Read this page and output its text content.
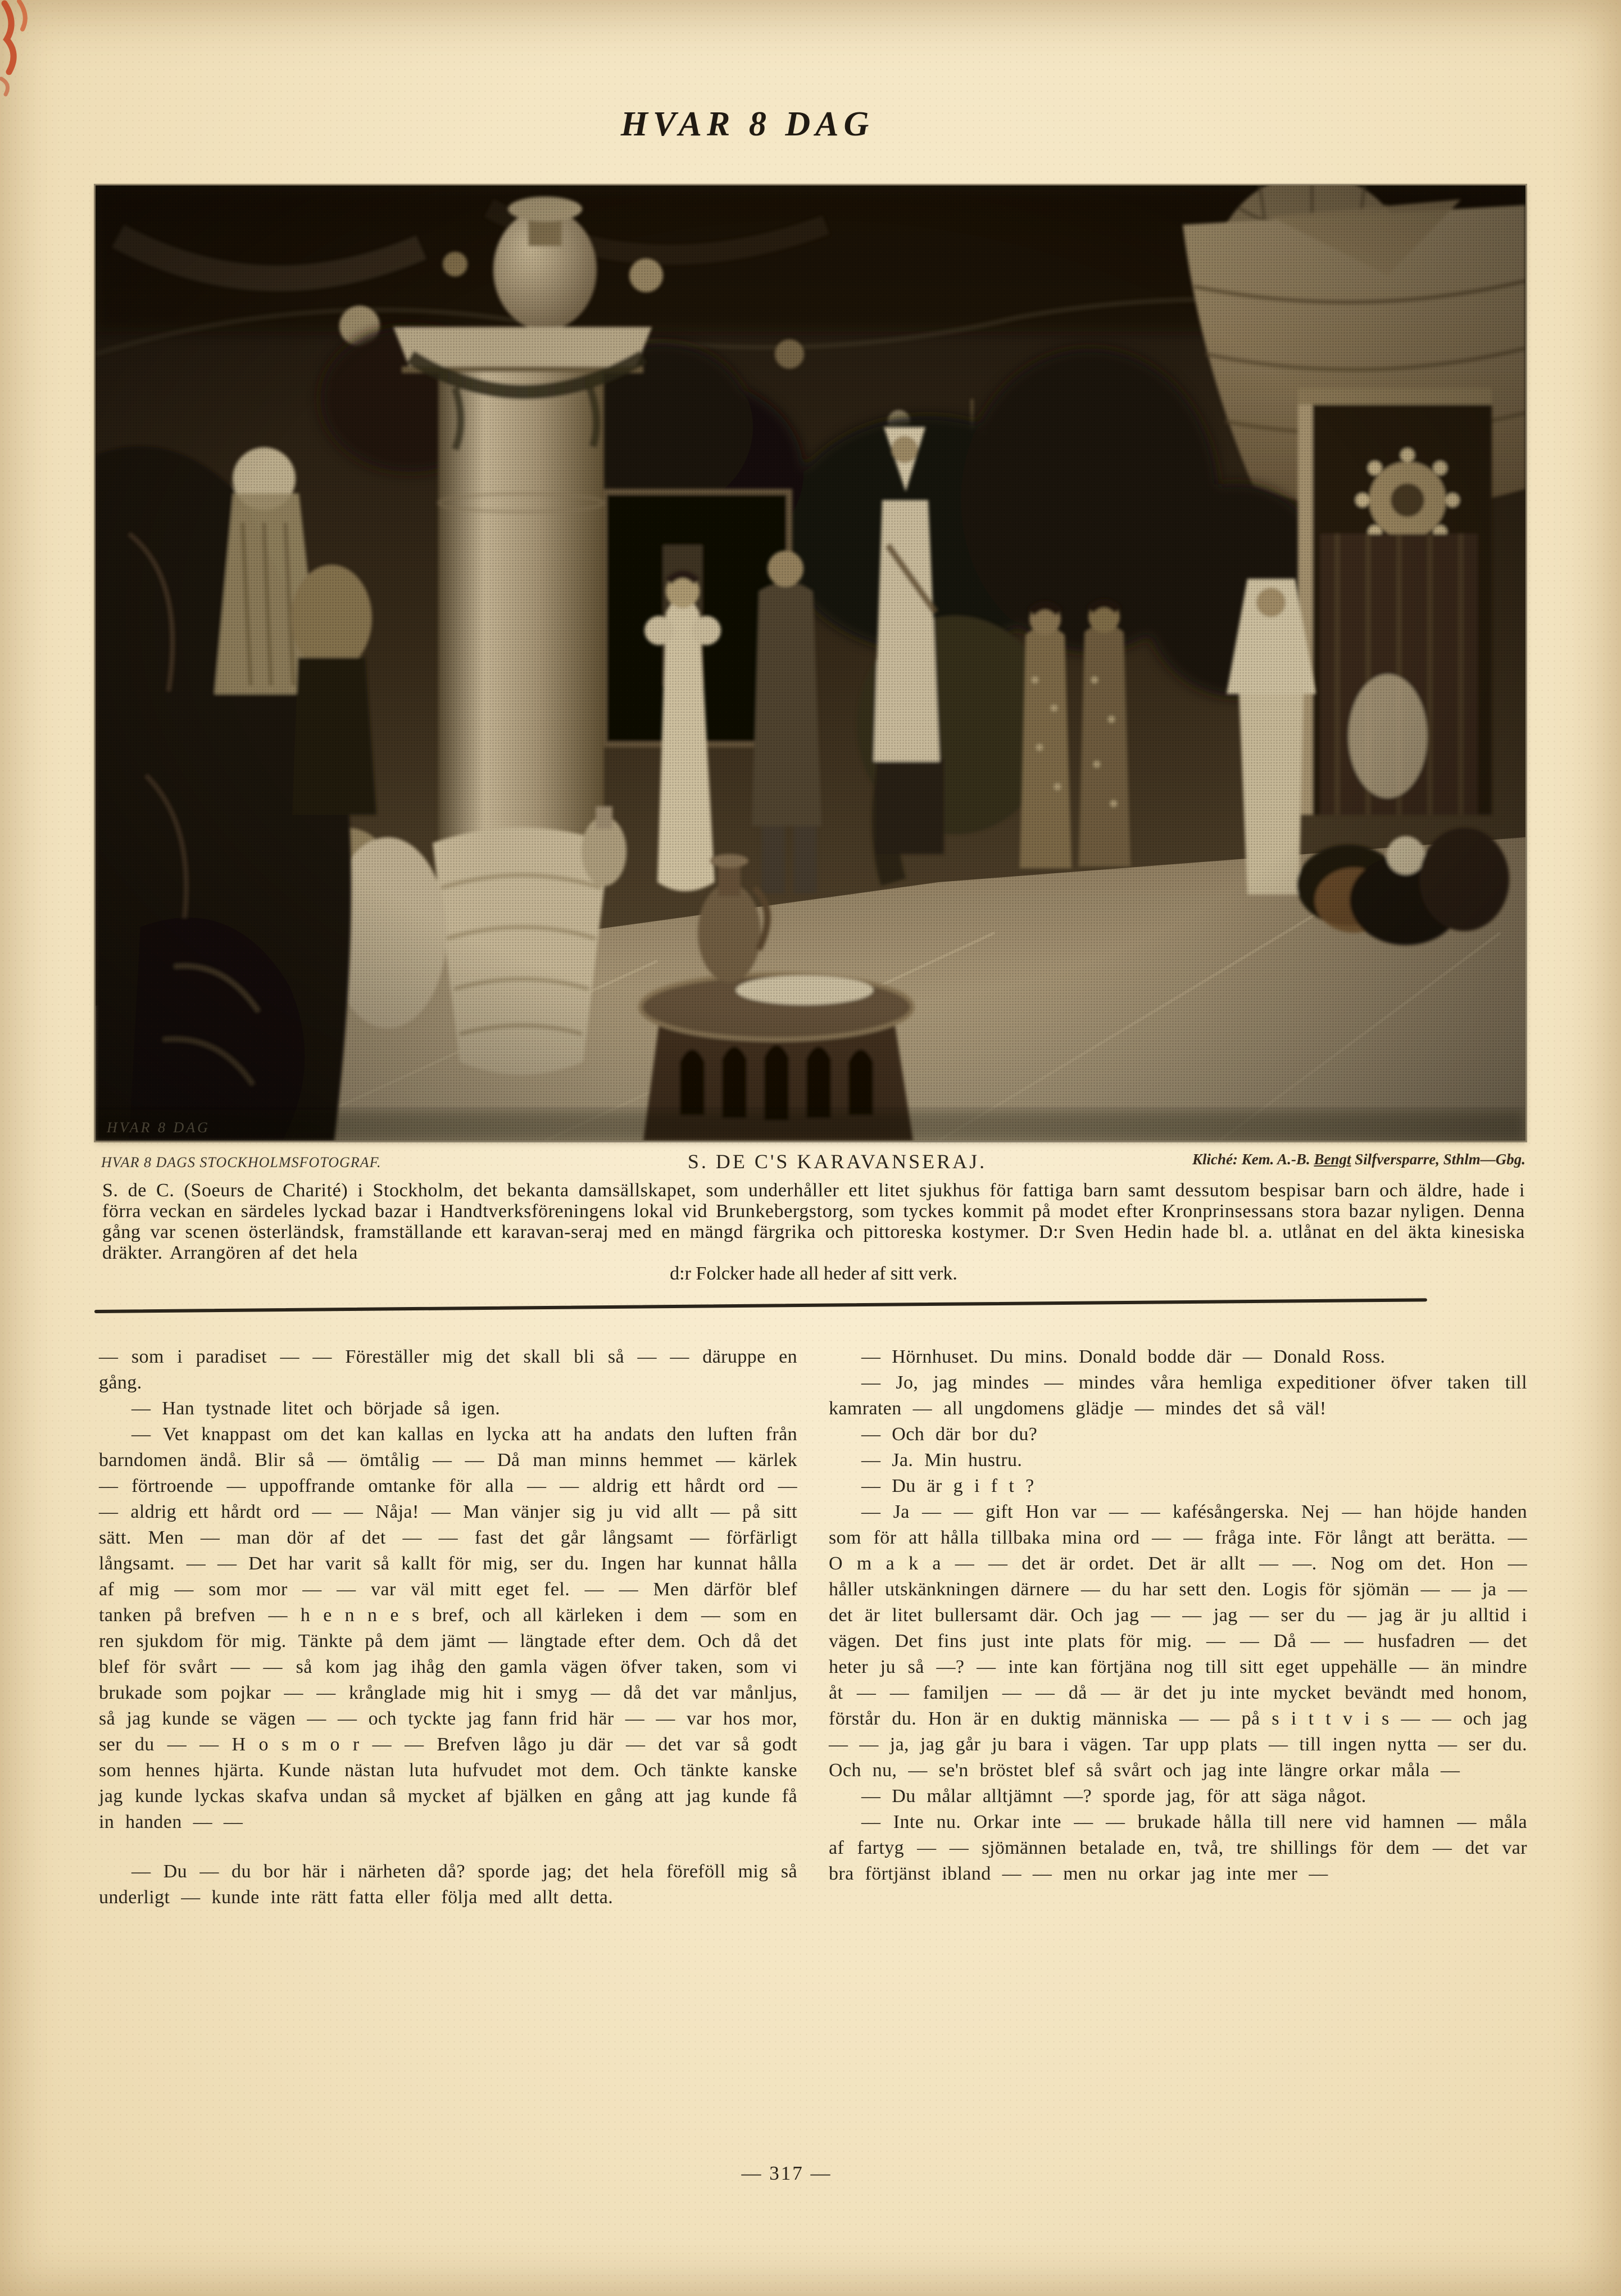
HVAR 8 DAG
HVAR 8 DAG
HVAR 8 DAGS STOCKHOLMSFOTOGRAF.	S. DE C'S KARAVANSERAJ.	Kliché: Kem. A.-B. Bengt Silfversparre, Sthlm—Gbg.

S. de C. (Soeurs de Charité) i Stockholm, det bekanta damsällskapet, som underhåller ett litet sjukhus för fattiga barn samt dessutom bespisar barn och äldre, hade i förra veckan en särdeles lyckad bazar i Handtverksföreningens lokal vid Brunkebergstorg, som tyckes kommit på modet efter Kronprinsessans stora bazar nyligen. Denna gång var scenen österländsk, framställande ett karavan-seraj med en mängd färgrika och pittoreska kostymer. D:r Sven Hedin hade bl. a. utlånat en del äkta kinesiska dräkter. Arrangören af det hela

d:r Folcker hade all heder af sitt verk.

— som i paradiset — — Föreställer mig det skall bli så — — däruppe en gång.

— Han tystnade litet och började så igen.

— Vet knappast om det kan kallas en lycka att ha andats den luften från barndomen ändå. Blir så — ömtålig — — Då man minns hemmet — kärlek — förtroende — uppoffrande omtanke för alla — — aldrig ett hårdt ord — — aldrig ett hårdt ord — — Nåja! — Man vänjer sig ju vid allt — på sitt sätt. Men — man dör af det — — fast det går långsamt — förfärligt långsamt. — — Det har varit så kallt för mig, ser du. Ingen har kunnat hålla af mig — som mor — — var väl mitt eget fel. — — Men därför blef tanken på brefven — h e n n e s bref, och all kärleken i dem — som en ren sjukdom för mig. Tänkte på dem jämt — längtade efter dem. Och då det blef för svårt — — så kom jag ihåg den gamla vägen öfver taken, som vi brukade som pojkar — — krånglade mig hit i smyg — då det var månljus, så jag kunde se vägen — — och tyckte jag fann frid här — — var hos mor, ser du — — H o s m o r — — Brefven lågo ju där — det var så godt som hennes hjärta. Kunde nästan luta hufvudet mot dem. Och tänkte kanske jag kunde lyckas skafva undan så mycket af bjälken en gång att jag kunde få in handen — —

— Du — du bor här i närheten då? sporde jag; det hela föreföll mig så underligt — kunde inte rätt fatta eller följa med allt detta.

— Hörnhuset. Du mins. Donald bodde där — Donald Ross.

— Jo, jag mindes — mindes våra hemliga expeditioner öfver taken till kamraten — all ungdomens glädje — mindes det så väl!

— Och där bor du?

— Ja. Min hustru.

— Du är g i f t ?

— Ja — — gift Hon var — — kafésångerska. Nej — han höjde handen som för att hålla tillbaka mina ord — — fråga inte. För långt att berätta. — O m a k a — — det är ordet. Det är allt — —. Nog om det. Hon — håller utskänkningen därnere — du har sett den. Logis för sjömän — — ja — det är litet bullersamt där. Och jag — — jag — ser du — jag är ju alltid i vägen. Det fins just inte plats för mig. — — Då — — husfadren — det heter ju så —? — inte kan förtjäna nog till sitt eget uppehälle — än mindre åt — — familjen — — då — är det ju inte mycket bevändt med honom, förstår du. Hon är en duktig människa — — på s i t t v i s — — och jag — — ja, jag går ju bara i vägen. Tar upp plats — till ingen nytta — ser du. Och nu, — se'n bröstet blef så svårt och jag inte längre orkar måla —

— Du målar alltjämnt —? sporde jag, för att säga något.

— Inte nu. Orkar inte — — brukade hålla till nere vid hamnen — måla af fartyg — — sjömännen betalade en, två, tre shillings för dem — det var bra förtjänst ibland — — men nu orkar jag inte mer —

— 317 —
